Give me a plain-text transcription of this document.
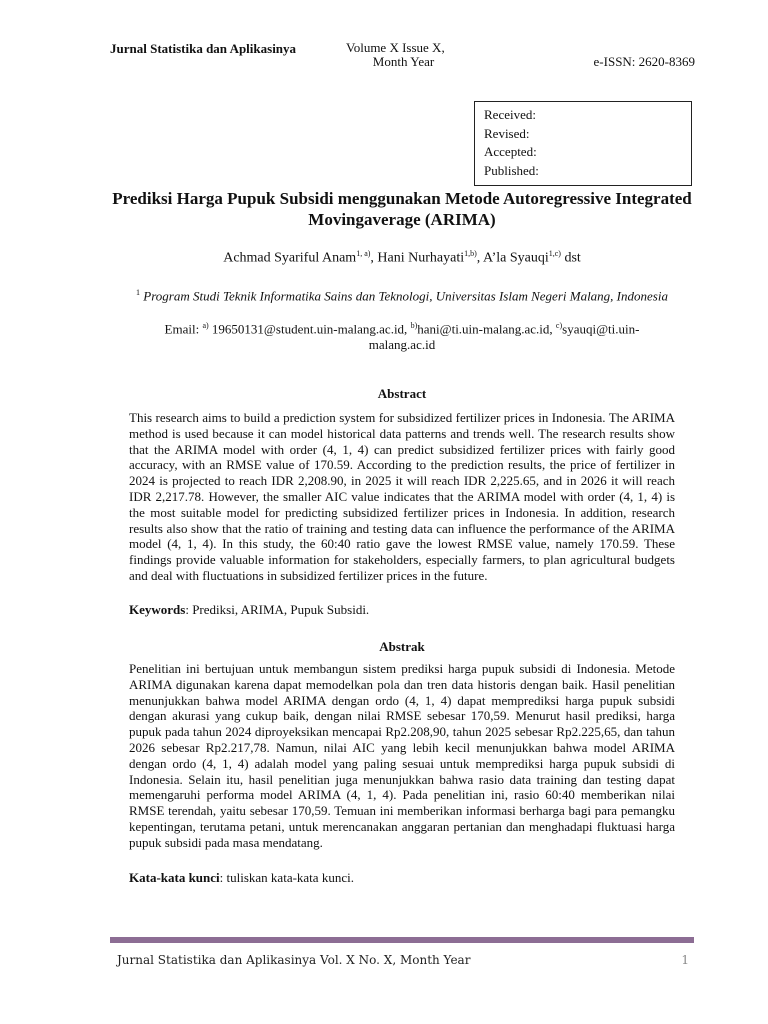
Jurnal Statistika dan Aplikasinya	Volume X Issue X,
Month Year	e-ISSN: 2620-8369
Received:
Revised:
Accepted:
Published:
Prediksi Harga Pupuk Subsidi menggunakan Metode Autoregressive Integrated Movingaverage (ARIMA)
Achmad Syariful Anam$^{1, a)}$, Hani Nurhayati$^{1,b)}$, A’la Syauqi$^{1,c)}$ dst
$^1$ Program Studi Teknik Informatika Sains dan Teknologi, Universitas Islam Negeri Malang, Indonesia
Email: $^{a)}$ 19650131@student.uin-malang.ac.id, $^{b)}$hani@ti.uin-malang.ac.id, $^{c)}$syauqi@ti.uin-malang.ac.id
Abstract

This research aims to build a prediction system for subsidized fertilizer prices in Indonesia. The ARIMA method is used because it can model historical data patterns and trends well. The research results show that the ARIMA model with order (4, 1, 4) can predict subsidized fertilizer prices with fairly good accuracy, with an RMSE value of 170.59. According to the prediction results, the price of fertilizer in 2024 is projected to reach IDR 2,208.90, in 2025 it will reach IDR 2,225.65, and in 2026 it will reach IDR 2,217.78. However, the smaller AIC value indicates that the ARIMA model with order (4, 1, 4) is the most suitable model for predicting subsidized fertilizer prices in Indonesia. In addition, research results also show that the ratio of training and testing data can influence the performance of the ARIMA model (4, 1, 4). In this study, the 60:40 ratio gave the lowest RMSE value, namely 170.59. These findings provide valuable information for stakeholders, especially farmers, to plan agricultural budgets and deal with fluctuations in subsidized fertilizer prices in the future.

Keywords: Prediksi, ARIMA, Pupuk Subsidi.
Abstrak

Penelitian ini bertujuan untuk membangun sistem prediksi harga pupuk subsidi di Indonesia. Metode ARIMA digunakan karena dapat memodelkan pola dan tren data historis dengan baik. Hasil penelitian menunjukkan bahwa model ARIMA dengan ordo (4, 1, 4) dapat memprediksi harga pupuk subsidi dengan akurasi yang cukup baik, dengan nilai RMSE sebesar 170,59. Menurut hasil prediksi, harga pupuk pada tahun 2024 diproyeksikan mencapai Rp2.208,90, tahun 2025 sebesar Rp2.225,65, dan tahun 2026 sebesar Rp2.217,78. Namun, nilai AIC yang lebih kecil menunjukkan bahwa model ARIMA dengan ordo (4, 1, 4) adalah model yang paling sesuai untuk memprediksi harga pupuk subsidi di Indonesia. Selain itu, hasil penelitian juga menunjukkan bahwa rasio data training dan testing dapat memengaruhi performa model ARIMA (4, 1, 4). Pada penelitian ini, rasio 60:40 memberikan nilai RMSE terendah, yaitu sebesar 170,59. Temuan ini memberikan informasi berharga bagi para pemangku kepentingan, terutama petani, untuk merencanakan anggaran pertanian dan menghadapi fluktuasi harga pupuk subsidi pada masa mendatang.

Kata-kata kunci: tuliskan kata-kata kunci.
Jurnal Statistika dan Aplikasinya Vol. X No. X, Month Year	1
